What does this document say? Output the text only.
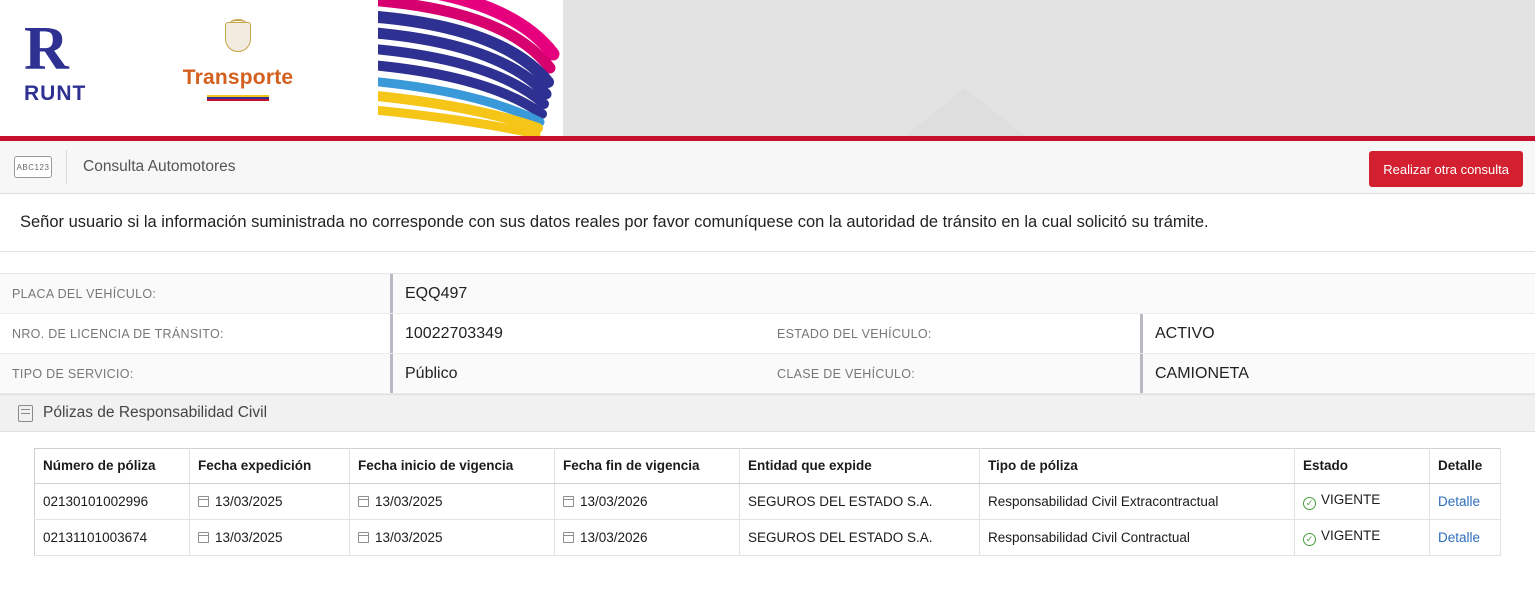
R
RUNT
Transporte
ABC123 Consulta Automotores	Realizar otra consulta
Señor usuario si la información suministrada no corresponde con sus datos reales por favor comuníquese con la autoridad de tránsito en la cual solicitó su trámite.
PLACA DEL VEHÍCULO:	EQQ497
NRO. DE LICENCIA DE TRÁNSITO:	10022703349	ESTADO DEL VEHÍCULO:	ACTIVO
TIPO DE SERVICIO:	Público	CLASE DE VEHÍCULO:	CAMIONETA
Pólizas de Responsabilidad Civil
Número de póliza	Fecha expedición	Fecha inicio de vigencia	Fecha fin de vigencia	Entidad que expide	Tipo de póliza	Estado	Detalle
02130101002996	13/03/2025	13/03/2025	13/03/2026	SEGUROS DEL ESTADO S.A.	Responsabilidad Civil Extracontractual	✓ VIGENTE	Detalle
02131101003674	13/03/2025	13/03/2025	13/03/2026	SEGUROS DEL ESTADO S.A.	Responsabilidad Civil Contractual	✓ VIGENTE	Detalle
